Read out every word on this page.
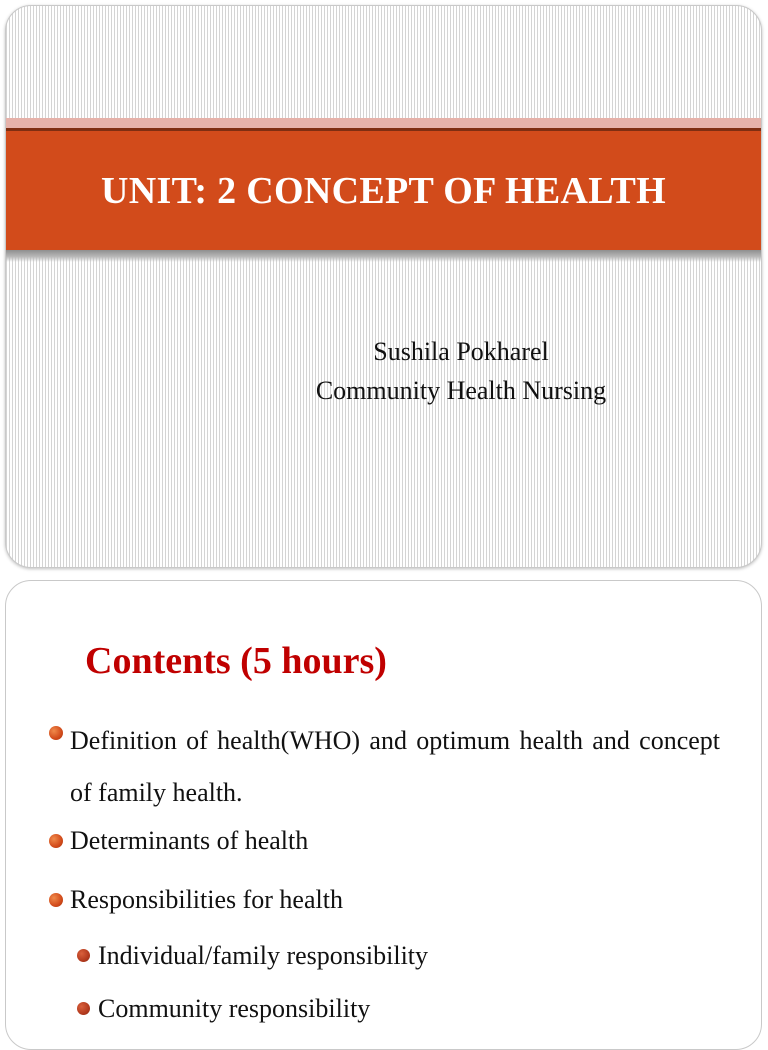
UNIT: 2 CONCEPT OF HEALTH
Sushila Pokharel
Community Health Nursing
Contents (5 hours)
Definition of health(WHO) and optimum health and concept of family health.
Determinants of health
Responsibilities for health
Individual/family responsibility
Community responsibility
